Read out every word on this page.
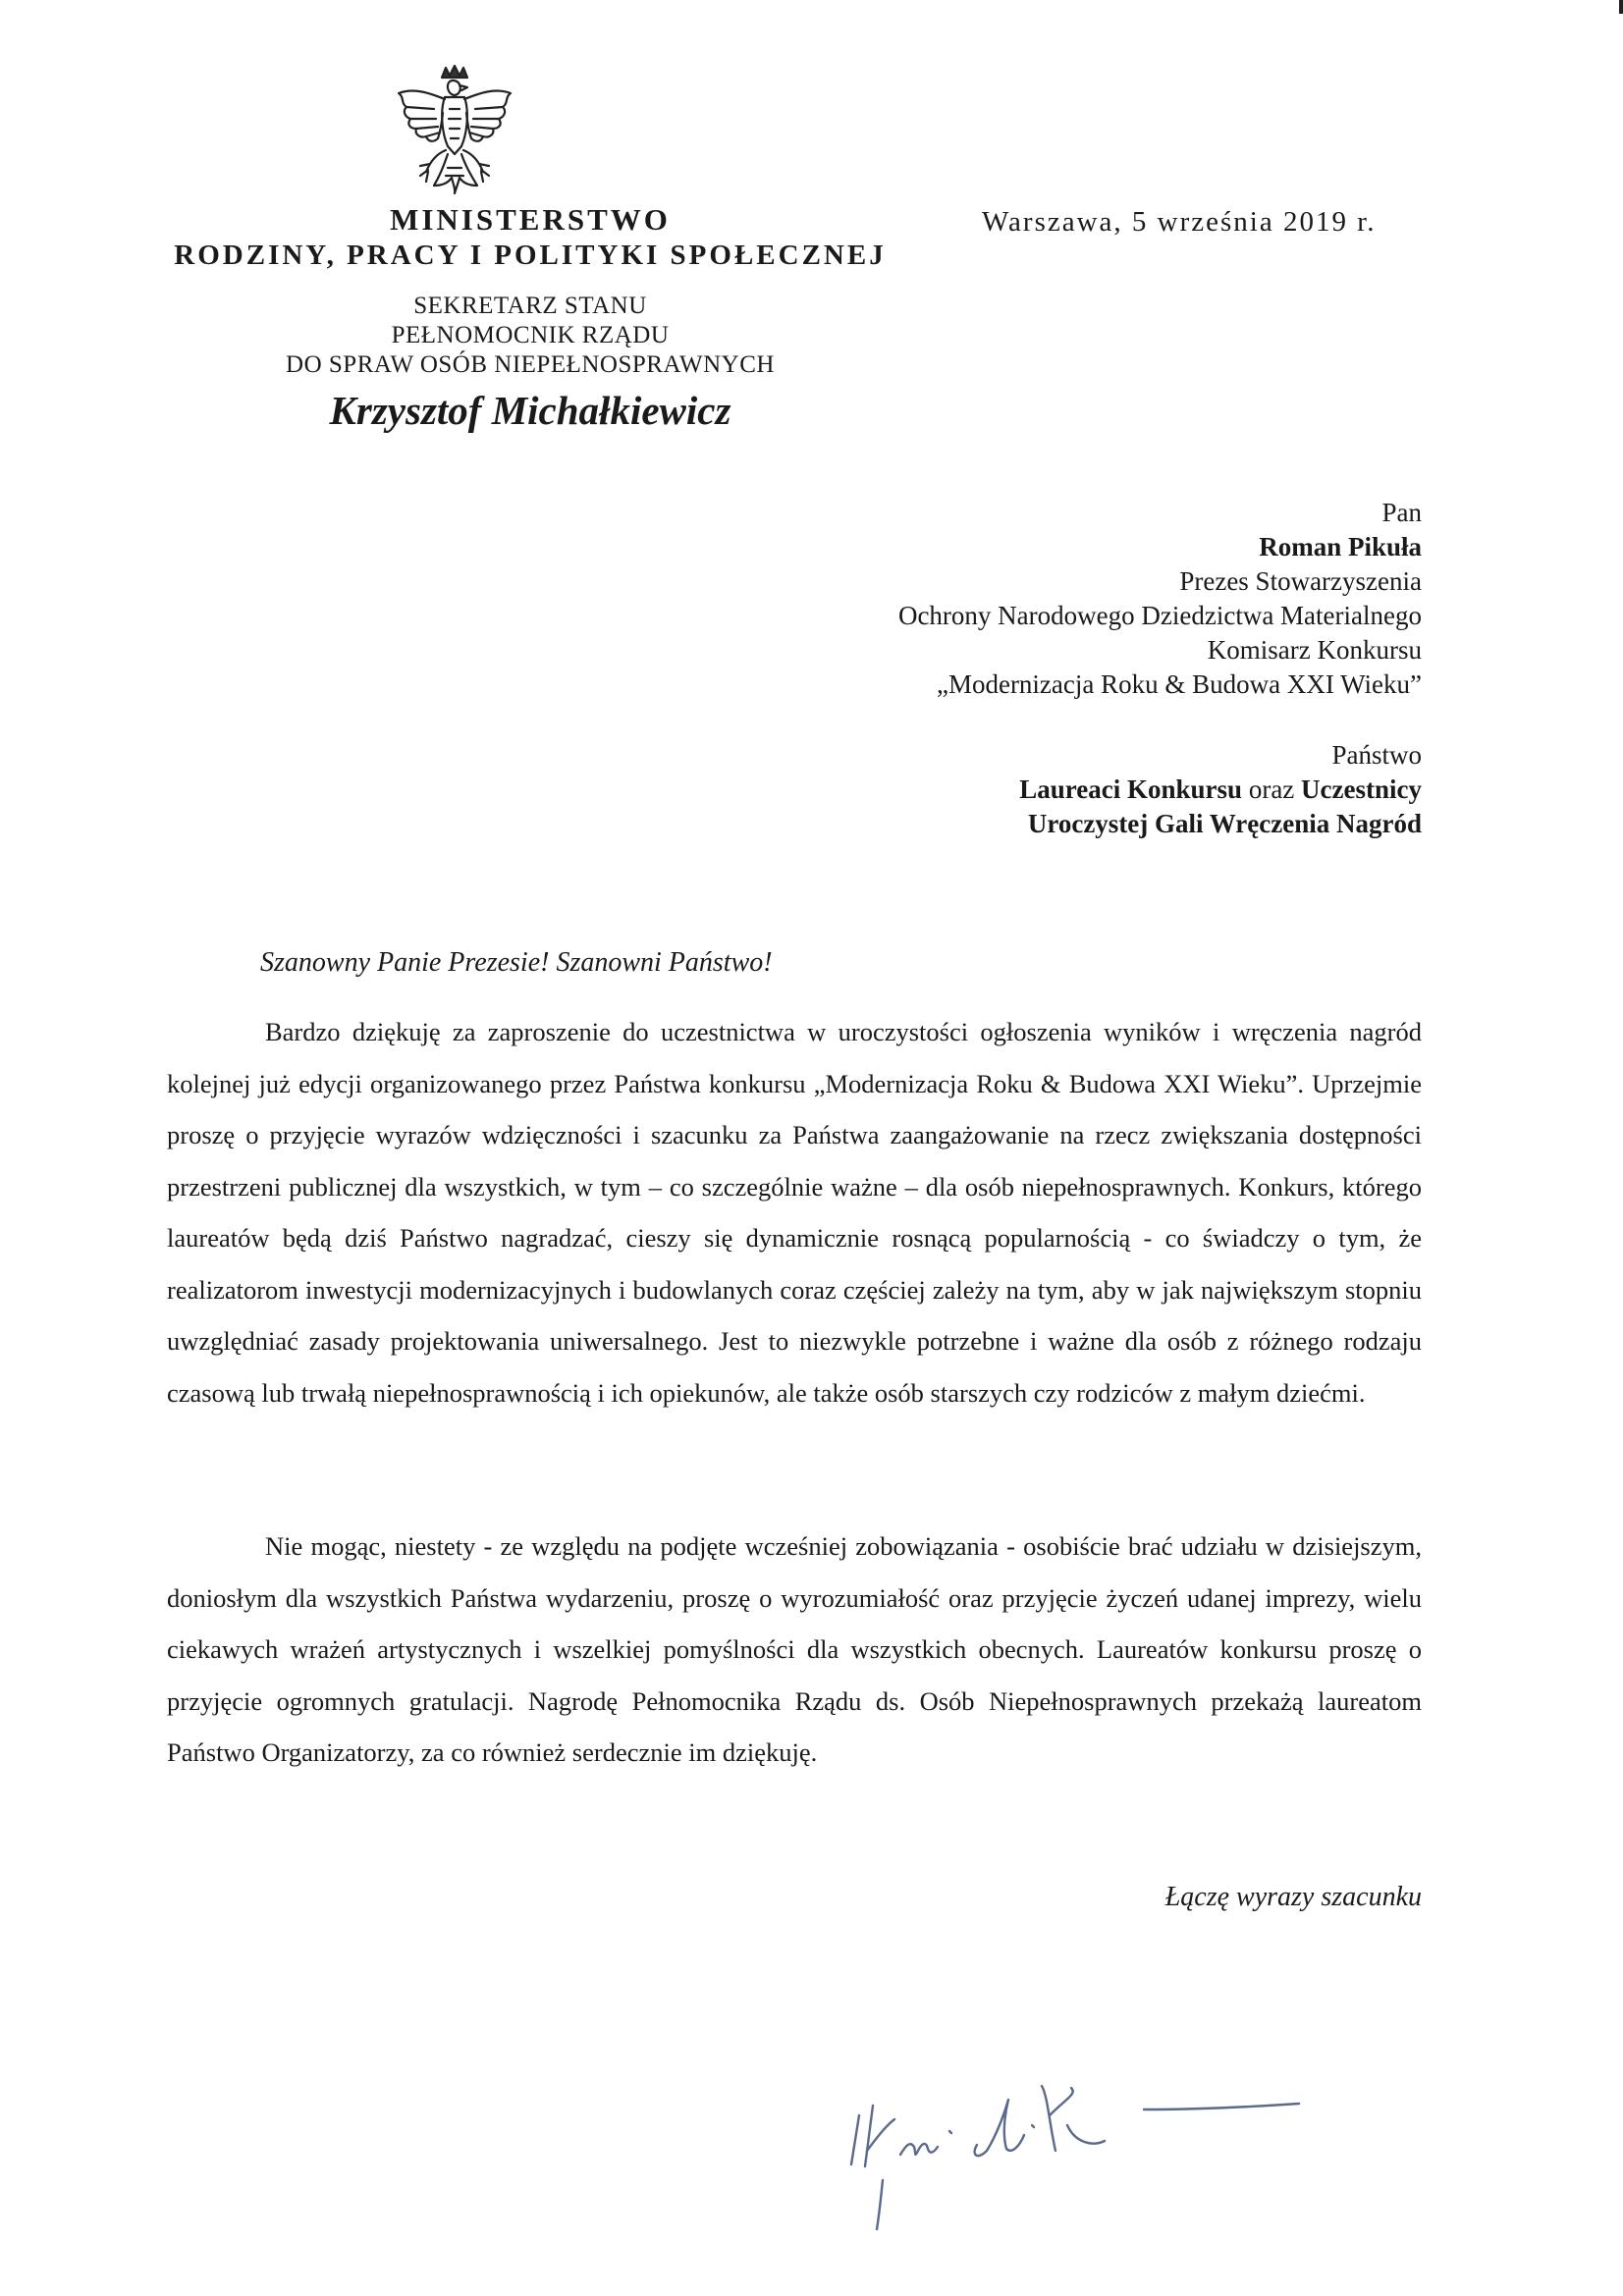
MINISTERSTWO
RODZINY, PRACY I POLITYKI SPOŁECZNEJ
SEKRETARZ STANU
PEŁNOMOCNIK RZĄDU
DO SPRAW OSÓB NIEPEŁNOSPRAWNYCH
Krzysztof Michałkiewicz
Warszawa, 5 września 2019 r.
Pan
Roman Pikuła
Prezes Stowarzyszenia
Ochrony Narodowego Dziedzictwa Materialnego
Komisarz Konkursu
„Modernizacja Roku & Budowa XXI Wieku”
Państwo
Laureaci Konkursu oraz Uczestnicy
Uroczystej Gali Wręczenia Nagród
Szanowny Panie Prezesie! Szanowni Państwo!
Bardzo dziękuję za zaproszenie do uczestnictwa w uroczystości ogłoszenia wyników i wręczenia nagród kolejnej już edycji organizowanego przez Państwa konkursu „Modernizacja Roku & Budowa XXI Wieku”. Uprzejmie proszę o przyjęcie wyrazów wdzięczności i szacunku za Państwa zaangażowanie na rzecz zwiększania dostępności przestrzeni publicznej dla wszystkich, w tym – co szczególnie ważne – dla osób niepełnosprawnych. Konkurs, którego laureatów będą dziś Państwo nagradzać, cieszy się dynamicznie rosnącą popularnością - co świadczy o tym, że realizatorom inwestycji modernizacyjnych i budowlanych coraz częściej zależy na tym, aby w jak największym stopniu uwzględniać zasady projektowania uniwersalnego. Jest to niezwykle potrzebne i ważne dla osób z różnego rodzaju czasową lub trwałą niepełnosprawnością i ich opiekunów, ale także osób starszych czy rodziców z małym dziećmi.
Nie mogąc, niestety - ze względu na podjęte wcześniej zobowiązania - osobiście brać udziału w dzisiejszym, doniosłym dla wszystkich Państwa wydarzeniu, proszę o wyrozumiałość oraz przyjęcie życzeń udanej imprezy, wielu ciekawych wrażeń artystycznych i wszelkiej pomyślności dla wszystkich obecnych. Laureatów konkursu proszę o przyjęcie ogromnych gratulacji. Nagrodę Pełnomocnika Rządu ds. Osób Niepełnosprawnych przekażą laureatom Państwo Organizatorzy, za co również serdecznie im dziękuję.
Łączę wyrazy szacunku
